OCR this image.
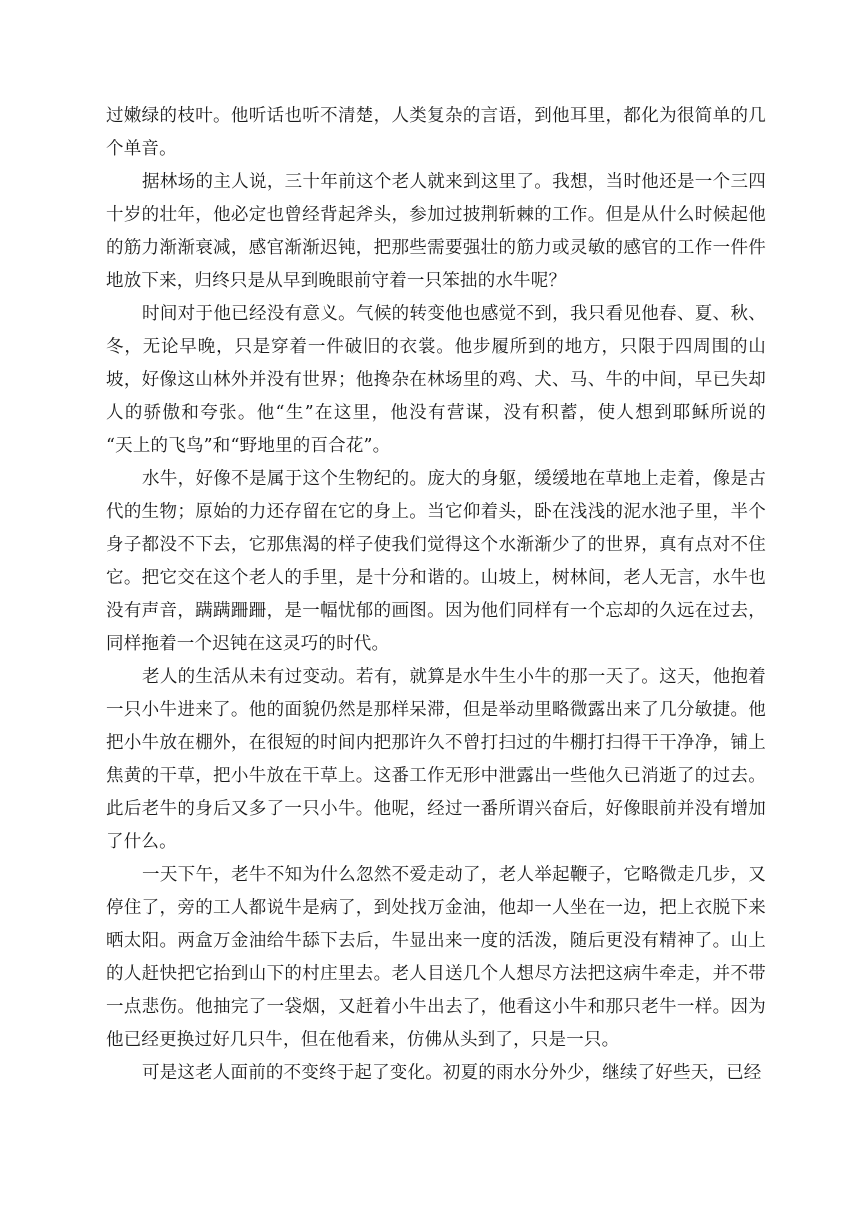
过嫩绿的枝叶。他听话也听不清楚，人类复杂的言语，到他耳里，都化为很简单的几
个单音。
据林场的主人说，三十年前这个老人就来到这里了。我想，当时他还是一个三四
十岁的壮年，他必定也曾经背起斧头，参加过披荆斩棘的工作。但是从什么时候起他
的筋力渐渐衰减，感官渐渐迟钝，把那些需要强壮的筋力或灵敏的感官的工作一件件
地放下来，归终只是从早到晚眼前守着一只笨拙的水牛呢？
时间对于他已经没有意义。气候的转变他也感觉不到，我只看见他春、夏、秋、
冬，无论早晚，只是穿着一件破旧的衣裳。他步履所到的地方，只限于四周围的山
坡，好像这山林外并没有世界；他搀杂在林场里的鸡、犬、马、牛的中间，早已失却
人的骄傲和夸张。他“生”在这里，他没有营谋，没有积蓄，使人想到耶稣所说的
“天上的飞鸟”和“野地里的百合花”。
水牛，好像不是属于这个生物纪的。庞大的身躯，缓缓地在草地上走着，像是古
代的生物；原始的力还存留在它的身上。当它仰着头，卧在浅浅的泥水池子里，半个
身子都没不下去，它那焦渴的样子使我们觉得这个水渐渐少了的世界，真有点对不住
它。把它交在这个老人的手里，是十分和谐的。山坡上，树林间，老人无言，水牛也
没有声音，蹒蹒跚跚，是一幅忧郁的画图。因为他们同样有一个忘却的久远在过去，
同样拖着一个迟钝在这灵巧的时代。
老人的生活从未有过变动。若有，就算是水牛生小牛的那一天了。这天，他抱着
一只小牛进来了。他的面貌仍然是那样呆滞，但是举动里略微露出来了几分敏捷。他
把小牛放在棚外，在很短的时间内把那许久不曾打扫过的牛棚打扫得干干净净，铺上
焦黄的干草，把小牛放在干草上。这番工作无形中泄露出一些他久已消逝了的过去。
此后老牛的身后又多了一只小牛。他呢，经过一番所谓兴奋后，好像眼前并没有增加
了什么。
一天下午，老牛不知为什么忽然不爱走动了，老人举起鞭子，它略微走几步，又
停住了，旁的工人都说牛是病了，到处找万金油，他却一人坐在一边，把上衣脱下来
晒太阳。两盒万金油给牛舔下去后，牛显出来一度的活泼，随后更没有精神了。山上
的人赶快把它抬到山下的村庄里去。老人目送几个人想尽方法把这病牛牵走，并不带
一点悲伤。他抽完了一袋烟，又赶着小牛出去了，他看这小牛和那只老牛一样。因为
他已经更换过好几只牛，但在他看来，仿佛从头到了，只是一只。
可是这老人面前的不变终于起了变化。初夏的雨水分外少，继续了好些天，已经
